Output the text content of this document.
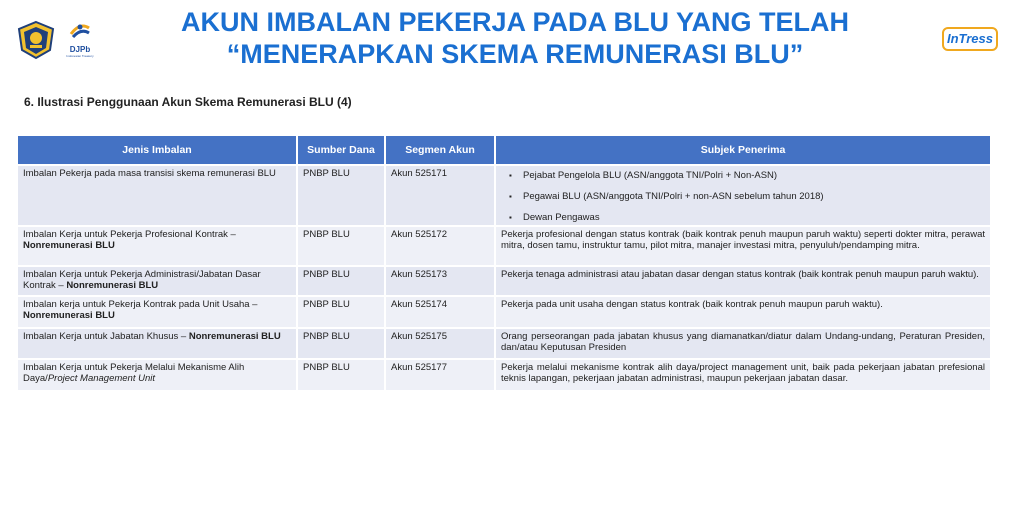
DJPb
Indonesian Treasury
AKUN IMBALAN PEKERJA PADA BLU YANG TELAH
“MENERAPKAN SKEMA REMUNERASI BLU”
InTress
6. Ilustrasi Penggunaan Akun Skema Remunerasi BLU (4)
Jenis Imbalan	Sumber Dana	Segmen Akun	Subjek Penerima
Imbalan Pekerja pada masa transisi skema remunerasi BLU	PNBP BLU	Akun 525171	▪ Pejabat Pengelola BLU (ASN/anggota TNI/Polri + Non-ASN)
▪ Pegawai BLU (ASN/anggota TNI/Polri + non-ASN sebelum tahun 2018)
▪ Dewan Pengawas

Imbalan Kerja untuk Pekerja Profesional Kontrak – Nonremunerasi BLU	PNBP BLU	Akun 525172	Pekerja profesional dengan status kontrak (baik kontrak penuh maupun paruh waktu) seperti dokter mitra, perawat mitra, dosen tamu, instruktur tamu, pilot mitra, manajer investasi mitra, penyuluh/pendamping mitra.
Imbalan Kerja untuk Pekerja Administrasi/Jabatan Dasar Kontrak – Nonremunerasi BLU	PNBP BLU	Akun 525173	Pekerja tenaga administrasi atau jabatan dasar dengan status kontrak (baik kontrak penuh maupun paruh waktu).
Imbalan kerja untuk Pekerja Kontrak pada Unit Usaha – Nonremunerasi BLU	PNBP BLU	Akun 525174	Pekerja pada unit usaha dengan status kontrak (baik kontrak penuh maupun paruh waktu).
Imbalan Kerja untuk Jabatan Khusus – Nonremunerasi BLU	PNBP BLU	Akun 525175	Orang perseorangan pada jabatan khusus yang diamanatkan/diatur dalam Undang-undang, Peraturan Presiden, dan/atau Keputusan Presiden
Imbalan Kerja untuk Pekerja Melalui Mekanisme Alih Daya/Project Management Unit	PNBP BLU	Akun 525177	Pekerja melalui mekanisme kontrak alih daya/project management unit, baik pada pekerjaan jabatan prefesional teknis lapangan, pekerjaan jabatan administrasi, maupun pekerjaan jabatan dasar.
